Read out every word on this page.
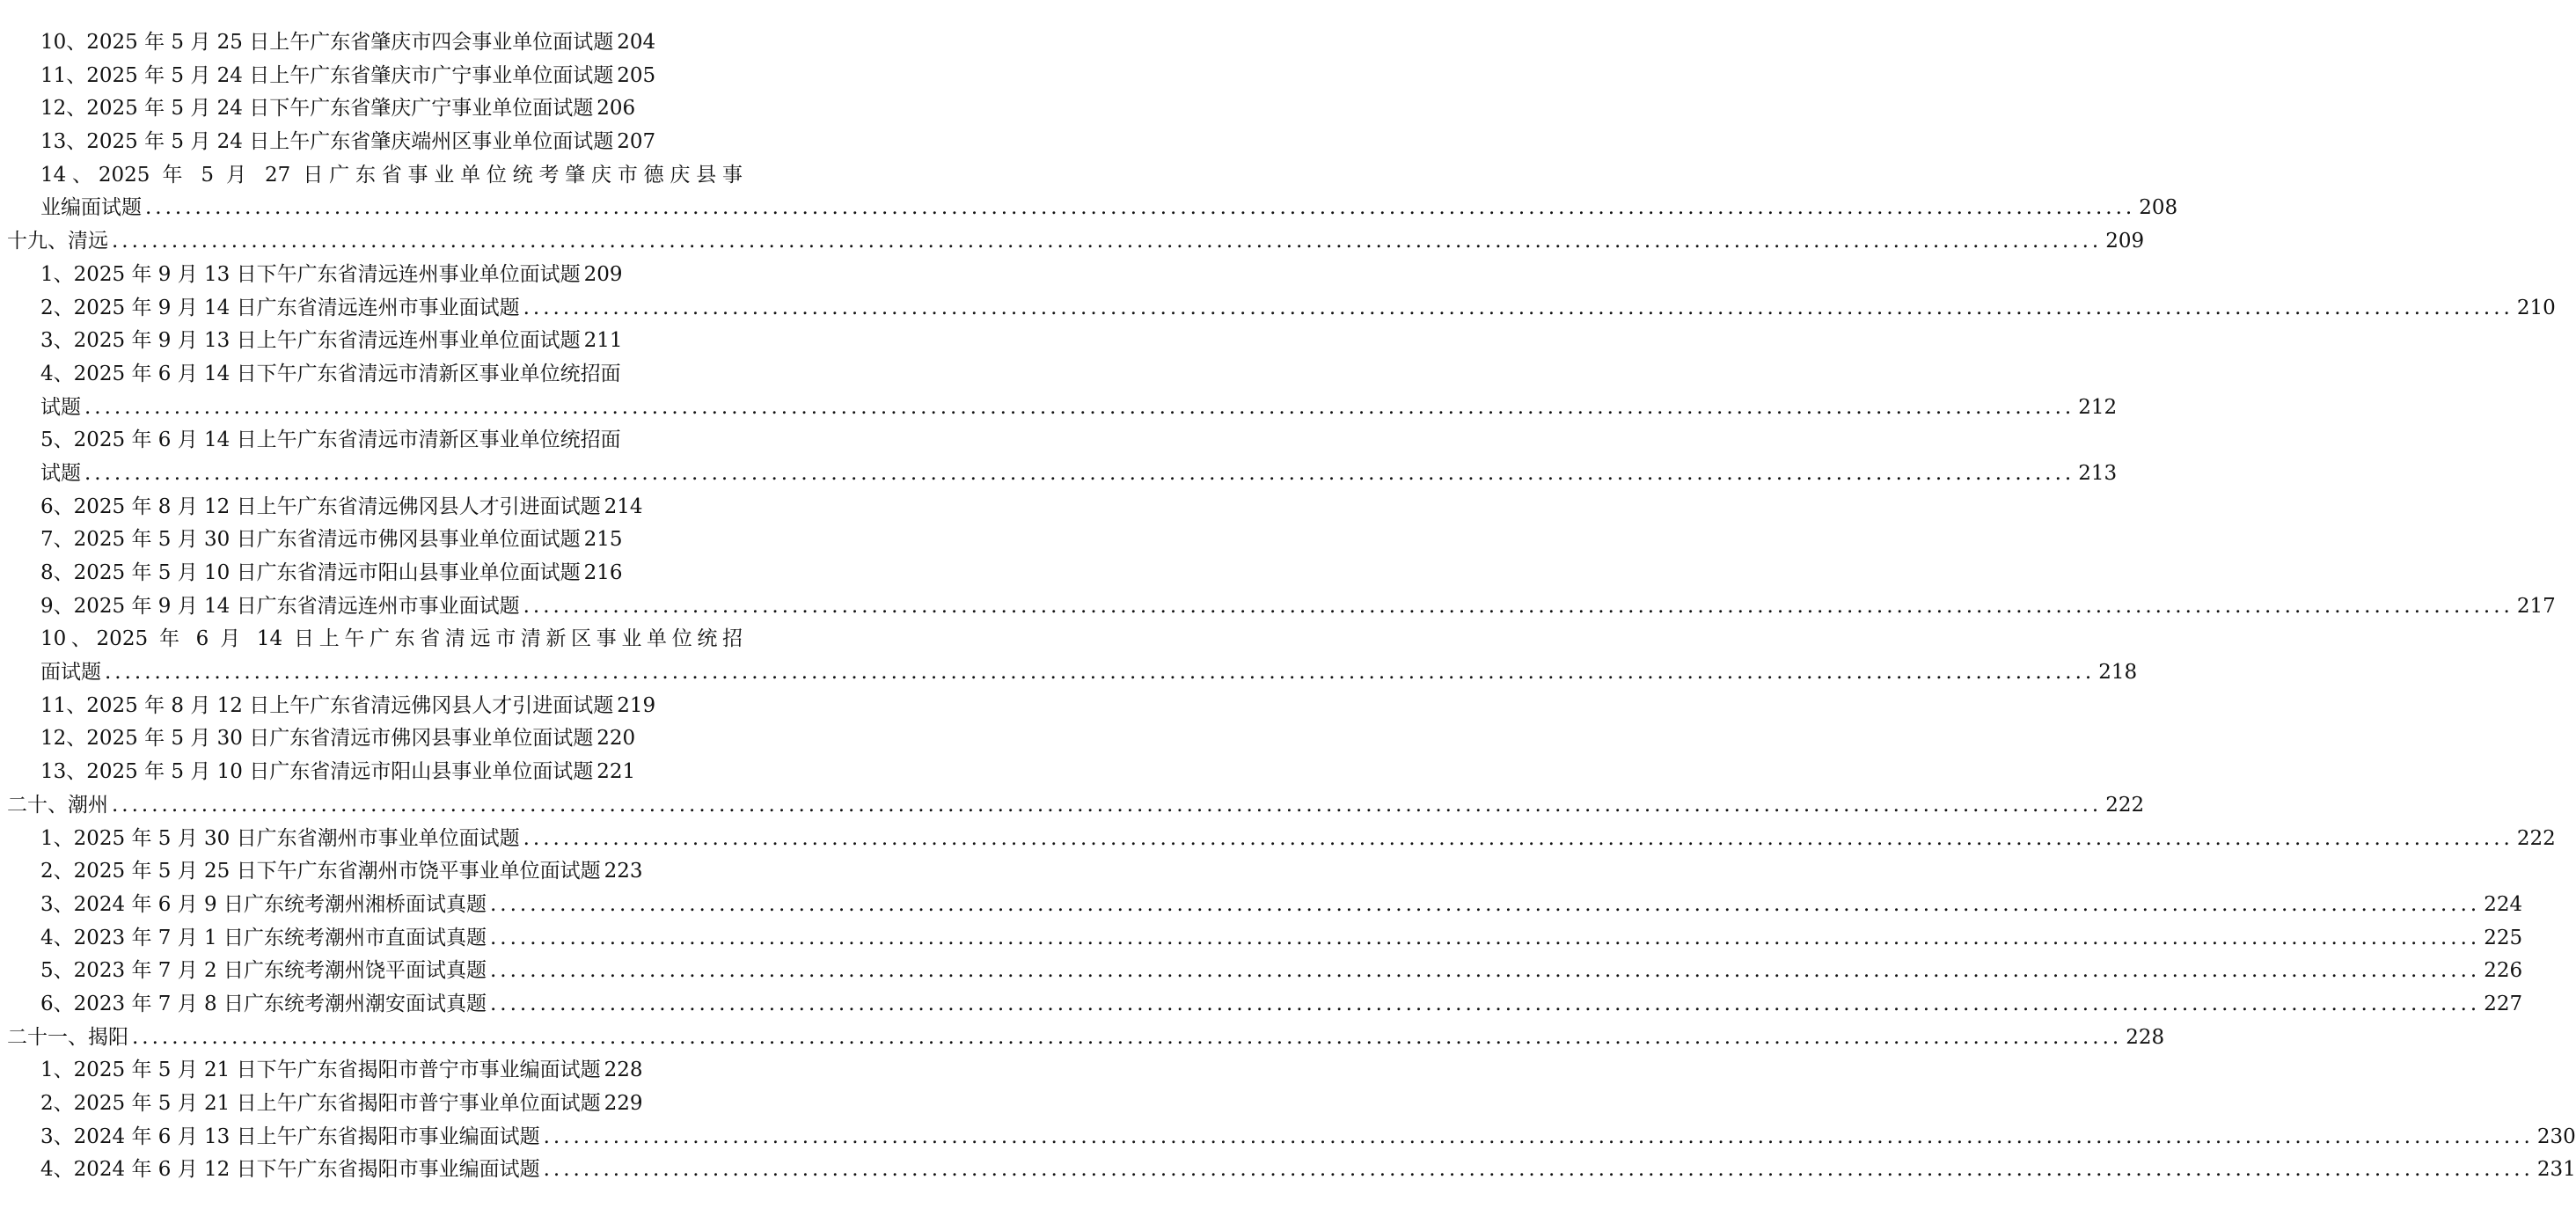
10、2025 年 5 月 25 日上午广东省肇庆市四会事业单位面试题 204
11、2025 年 5 月 24 日上午广东省肇庆市广宁事业单位面试题 205
12、2025 年 5 月 24 日下午广东省肇庆广宁事业单位面试题 206
13、2025 年 5 月 24 日上午广东省肇庆端州区事业单位面试题 207
14、2025 年 5 月 27 日广东省事业单位统考肇庆市德庆县事
业编面试题 ........................................................................................................................................................................................................ 208
十九、清远 ........................................................................................................................................................................................................ 209
1、2025 年 9 月 13 日下午广东省清远连州事业单位面试题 209
2、2025 年 9 月 14 日广东省清远连州市事业面试题 ........................................................................................................................................................................................................ 210
3、2025 年 9 月 13 日上午广东省清远连州事业单位面试题 211
4、2025 年 6 月 14 日下午广东省清远市清新区事业单位统招面
试题 ........................................................................................................................................................................................................ 212
5、2025 年 6 月 14 日上午广东省清远市清新区事业单位统招面
试题 ........................................................................................................................................................................................................ 213
6、2025 年 8 月 12 日上午广东省清远佛冈县人才引进面试题 214
7、2025 年 5 月 30 日广东省清远市佛冈县事业单位面试题 215
8、2025 年 5 月 10 日广东省清远市阳山县事业单位面试题 216
9、2025 年 9 月 14 日广东省清远连州市事业面试题 ........................................................................................................................................................................................................ 217
10、2025 年 6 月 14 日上午广东省清远市清新区事业单位统招
面试题 ........................................................................................................................................................................................................ 218
11、2025 年 8 月 12 日上午广东省清远佛冈县人才引进面试题 219
12、2025 年 5 月 30 日广东省清远市佛冈县事业单位面试题 220
13、2025 年 5 月 10 日广东省清远市阳山县事业单位面试题 221
二十、潮州 ........................................................................................................................................................................................................ 222
1、2025 年 5 月 30 日广东省潮州市事业单位面试题 ........................................................................................................................................................................................................ 222
2、2025 年 5 月 25 日下午广东省潮州市饶平事业单位面试题 223
3、2024 年 6 月 9 日广东统考潮州湘桥面试真题 ........................................................................................................................................................................................................ 224
4、2023 年 7 月 1 日广东统考潮州市直面试真题 ........................................................................................................................................................................................................ 225
5、2023 年 7 月 2 日广东统考潮州饶平面试真题 ........................................................................................................................................................................................................ 226
6、2023 年 7 月 8 日广东统考潮州潮安面试真题 ........................................................................................................................................................................................................ 227
二十一、揭阳 ........................................................................................................................................................................................................ 228
1、2025 年 5 月 21 日下午广东省揭阳市普宁市事业编面试题 228
2、2025 年 5 月 21 日上午广东省揭阳市普宁事业单位面试题 229
3、2024 年 6 月 13 日上午广东省揭阳市事业编面试题 ........................................................................................................................................................................................................ 230
4、2024 年 6 月 12 日下午广东省揭阳市事业编面试题 ........................................................................................................................................................................................................ 231
